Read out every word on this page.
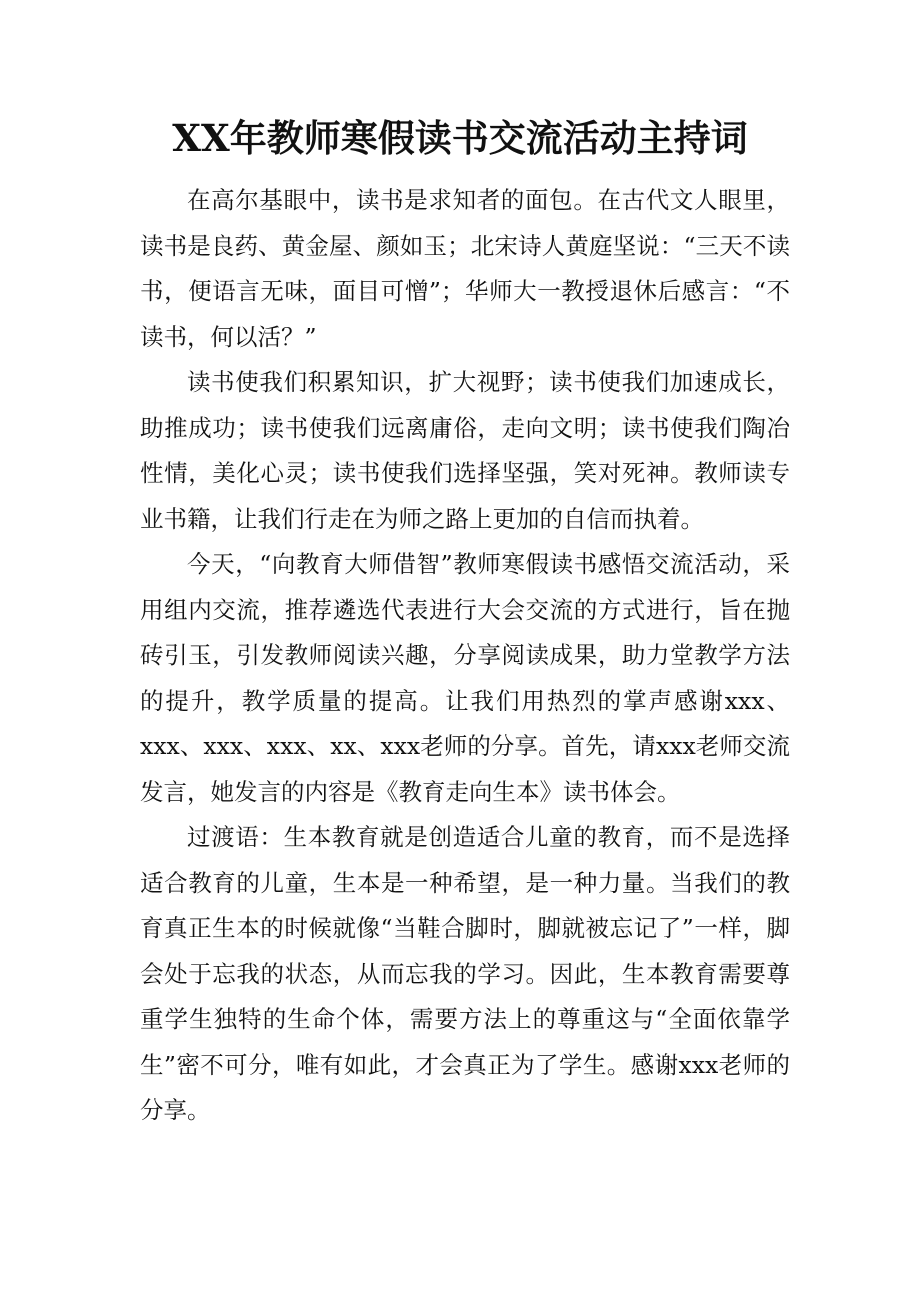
XX年教师寒假读书交流活动主持词

在高尔基眼中，读书是求知者的面包。在古代文人眼里，读书是良药、黄金屋、颜如玉；北宋诗人黄庭坚说：“三天不读书，便语言无味，面目可憎”；华师大一教授退休后感言：“不读书，何以活？”

读书使我们积累知识，扩大视野；读书使我们加速成长，助推成功；读书使我们远离庸俗，走向文明；读书使我们陶冶性情，美化心灵；读书使我们选择坚强，笑对死神。教师读专业书籍，让我们行走在为师之路上更加的自信而执着。

今天，“向教育大师借智”教师寒假读书感悟交流活动，采用组内交流，推荐遴选代表进行大会交流的方式进行，旨在抛砖引玉，引发教师阅读兴趣，分享阅读成果，助力堂教学方法的提升，教学质量的提高。让我们用热烈的掌声感谢xxx、xxx、xxx、xxx、xx、xxx老师的分享。首先，请xxx老师交流发言，她发言的内容是《教育走向生本》读书体会。

过渡语：生本教育就是创造适合儿童的教育，而不是选择适合教育的儿童，生本是一种希望，是一种力量。当我们的教育真正生本的时候就像“当鞋合脚时，脚就被忘记了”一样，脚会处于忘我的状态，从而忘我的学习。因此，生本教育需要尊重学生独特的生命个体，需要方法上的尊重这与“全面依靠学生”密不可分，唯有如此，才会真正为了学生。感谢xxx老师的分享。
